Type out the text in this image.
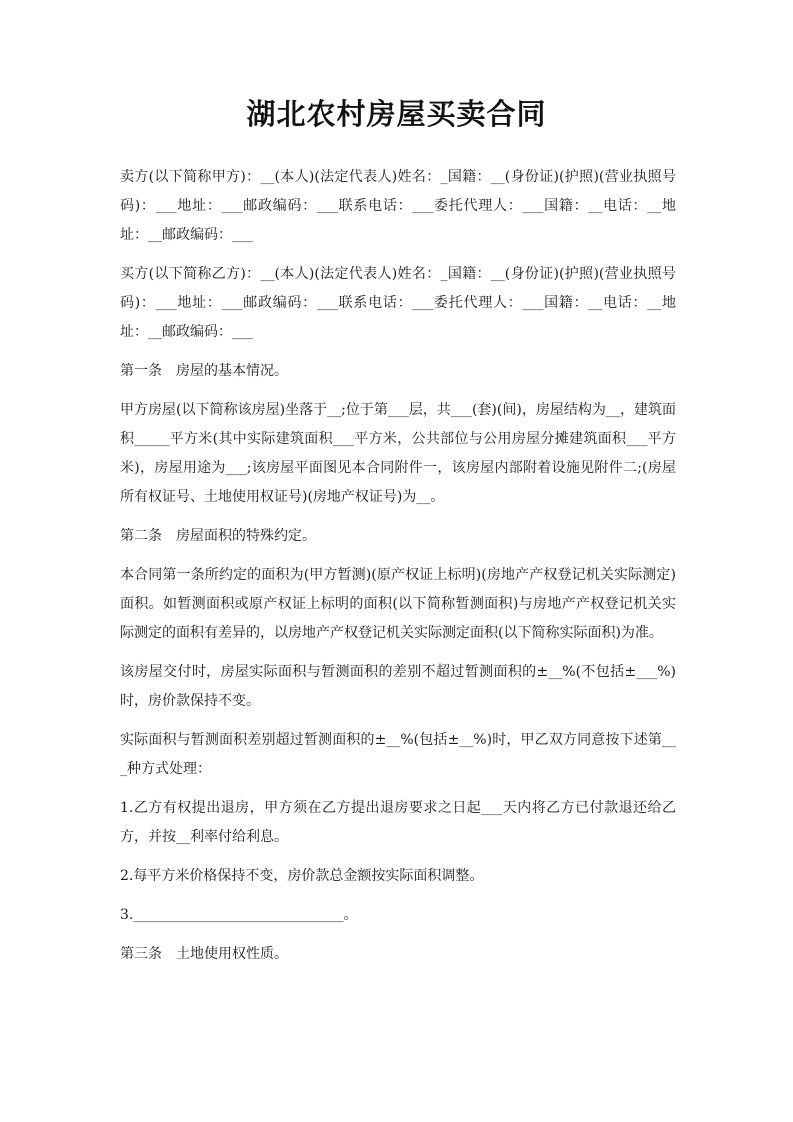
湖北农村房屋买卖合同

卖方(以下简称甲方)：__(本人)(法定代表人)姓名：_国籍：__(身份证)(护照)(营业执照号码)：___地址：___邮政编码：___联系电话：___委托代理人：___国籍：__电话：__地址：__邮政编码：___

买方(以下简称乙方)：__(本人)(法定代表人)姓名：_国籍：__(身份证)(护照)(营业执照号码)：___地址：___邮政编码：___联系电话：___委托代理人：___国籍：__电话：__地址：__邮政编码：___

第一条　房屋的基本情况。

甲方房屋(以下简称该房屋)坐落于__;位于第___层，共___(套)(间)，房屋结构为__，建筑面积_____平方米(其中实际建筑面积___平方米，公共部位与公用房屋分摊建筑面积___平方米)，房屋用途为___;该房屋平面图见本合同附件一，该房屋内部附着设施见附件二;(房屋所有权证号、土地使用权证号)(房地产权证号)为__。

第二条　房屋面积的特殊约定。

本合同第一条所约定的面积为(甲方暂测)(原产权证上标明)(房地产产权登记机关实际测定)面积。如暂测面积或原产权证上标明的面积(以下简称暂测面积)与房地产产权登记机关实际测定的面积有差异的，以房地产产权登记机关实际测定面积(以下简称实际面积)为准。

该房屋交付时，房屋实际面积与暂测面积的差别不超过暂测面积的±__%(不包括±___%)时，房价款保持不变。

实际面积与暂测面积差别超过暂测面积的±__%(包括±__%)时，甲乙双方同意按下述第___种方式处理：

1.乙方有权提出退房，甲方须在乙方提出退房要求之日起___天内将乙方已付款退还给乙方，并按__利率付给利息。

2.每平方米价格保持不变，房价款总金额按实际面积调整。

3.______________________________。

第三条　土地使用权性质。
